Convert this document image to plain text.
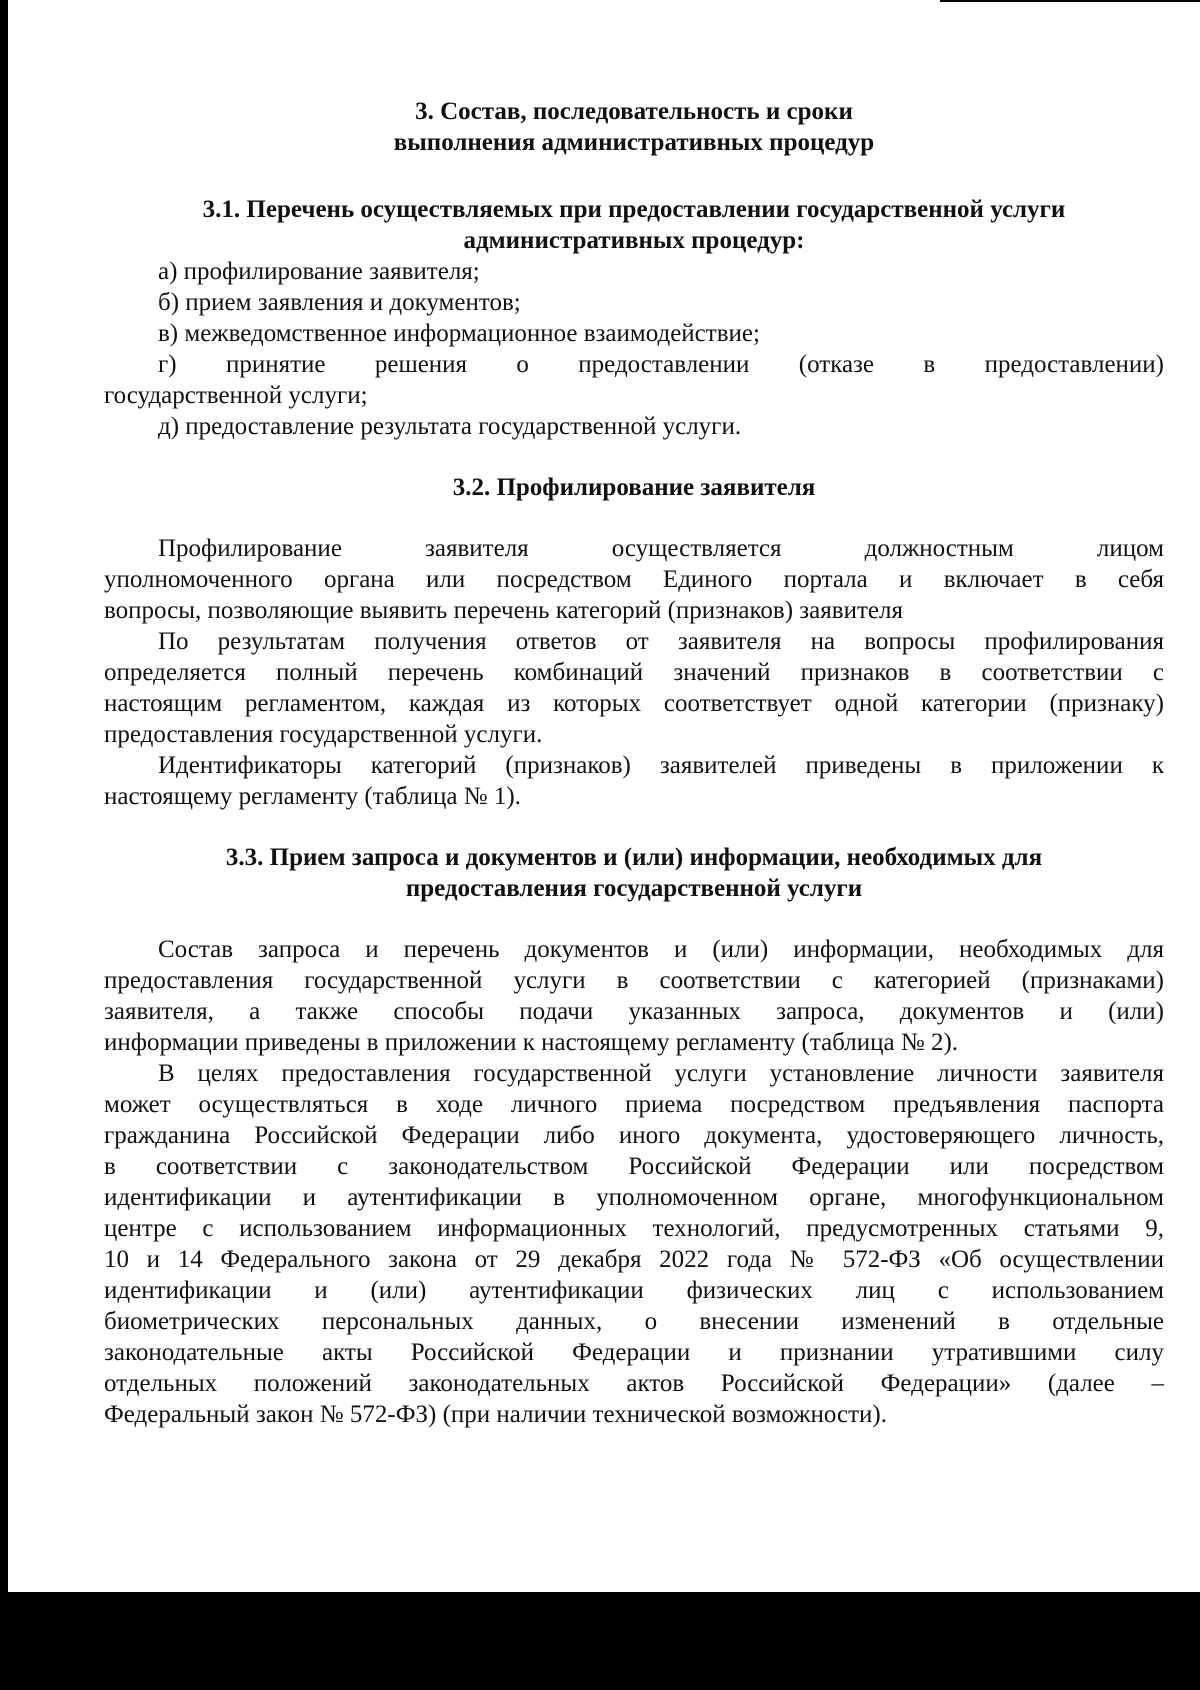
3. Состав, последовательность и сроки
выполнения административных процедур
3.1. Перечень осуществляемых при предоставлении государственной услуги
административных процедур:
а) профилирование заявителя;
б) прием заявления и документов;
в) межведомственное информационное взаимодействие;
г) принятие решения о предоставлении (отказе в предоставлении)
государственной услуги;
д) предоставление результата государственной услуги.
3.2. Профилирование заявителя
Профилирование заявителя осуществляется должностным лицом
уполномоченного органа или посредством Единого портала и включает в себя
вопросы, позволяющие выявить перечень категорий (признаков) заявителя
По результатам получения ответов от заявителя на вопросы профилирования
определяется полный перечень комбинаций значений признаков в соответствии с
настоящим регламентом, каждая из которых соответствует одной категории (признаку)
предоставления государственной услуги.
Идентификаторы категорий (признаков) заявителей приведены в приложении к
настоящему регламенту (таблица № 1).
3.3. Прием запроса и документов и (или) информации, необходимых для
предоставления государственной услуги
Состав запроса и перечень документов и (или) информации, необходимых для
предоставления государственной услуги в соответствии с категорией (признаками)
заявителя, а также способы подачи указанных запроса, документов и (или)
информации приведены в приложении к настоящему регламенту (таблица № 2).
В целях предоставления государственной услуги установление личности заявителя
может осуществляться в ходе личного приема посредством предъявления паспорта
гражданина Российской Федерации либо иного документа, удостоверяющего личность,
в соответствии с законодательством Российской Федерации или посредством
идентификации и аутентификации в уполномоченном органе, многофункциональном
центре с использованием информационных технологий, предусмотренных статьями 9,
10 и 14 Федерального закона от 29 декабря 2022 года № 572-ФЗ «Об осуществлении
идентификации и (или) аутентификации физических лиц с использованием
биометрических персональных данных, о внесении изменений в отдельные
законодательные акты Российской Федерации и признании утратившими силу
отдельных положений законодательных актов Российской Федерации» (далее –
Федеральный закон № 572-ФЗ) (при наличии технической возможности).
